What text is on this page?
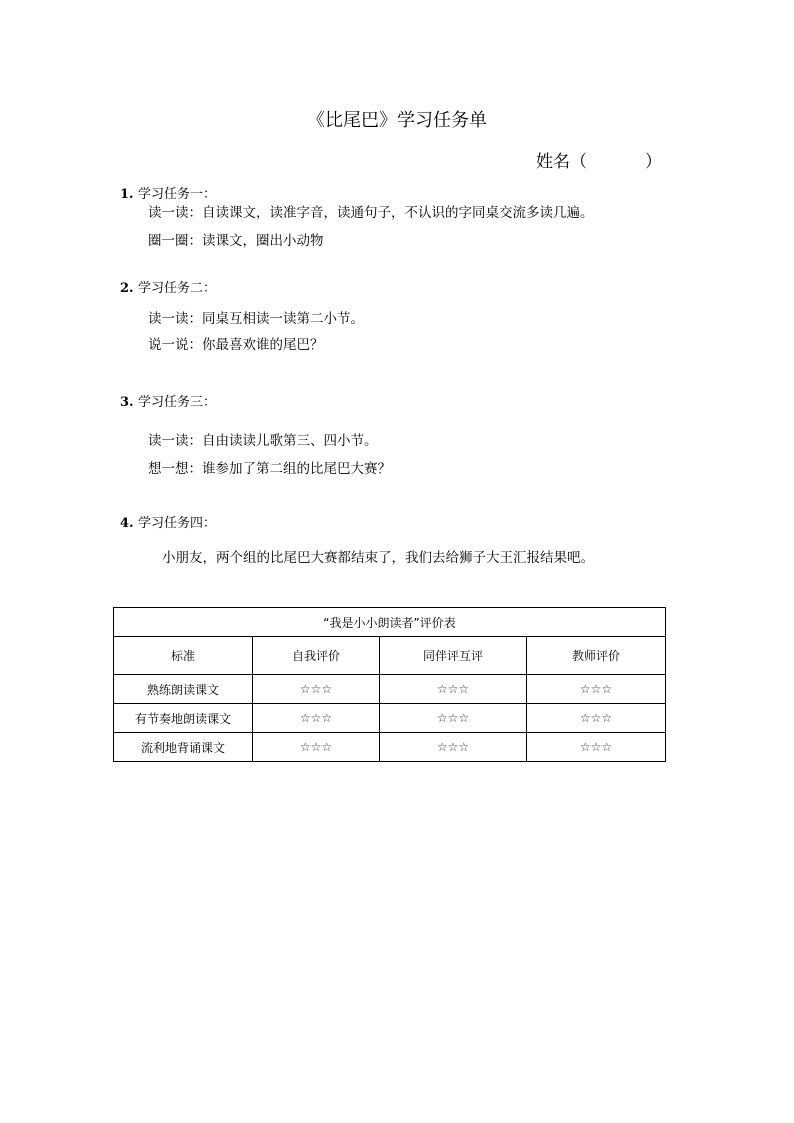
《比尾巴》学习任务单
姓名（	）
1. 学习任务一：
读一读：自读课文，读准字音，读通句子，不认识的字同桌交流多读几遍。
圈一圈：读课文，圈出小动物
2. 学习任务二：
读一读：同桌互相读一读第二小节。
说一说：你最喜欢谁的尾巴？
3. 学习任务三：
读一读：自由读读儿歌第三、四小节。
想一想：谁参加了第二组的比尾巴大赛？
4. 学习任务四：
小朋友，两个组的比尾巴大赛都结束了，我们去给狮子大王汇报结果吧。
“我是小小朗读者”评价表			
标准	自我评价	同伴评互评	教师评价
熟练朗读课文	☆☆☆	☆☆☆	☆☆☆
有节奏地朗读课文	☆☆☆	☆☆☆	☆☆☆
流利地背诵课文	☆☆☆	☆☆☆	☆☆☆
